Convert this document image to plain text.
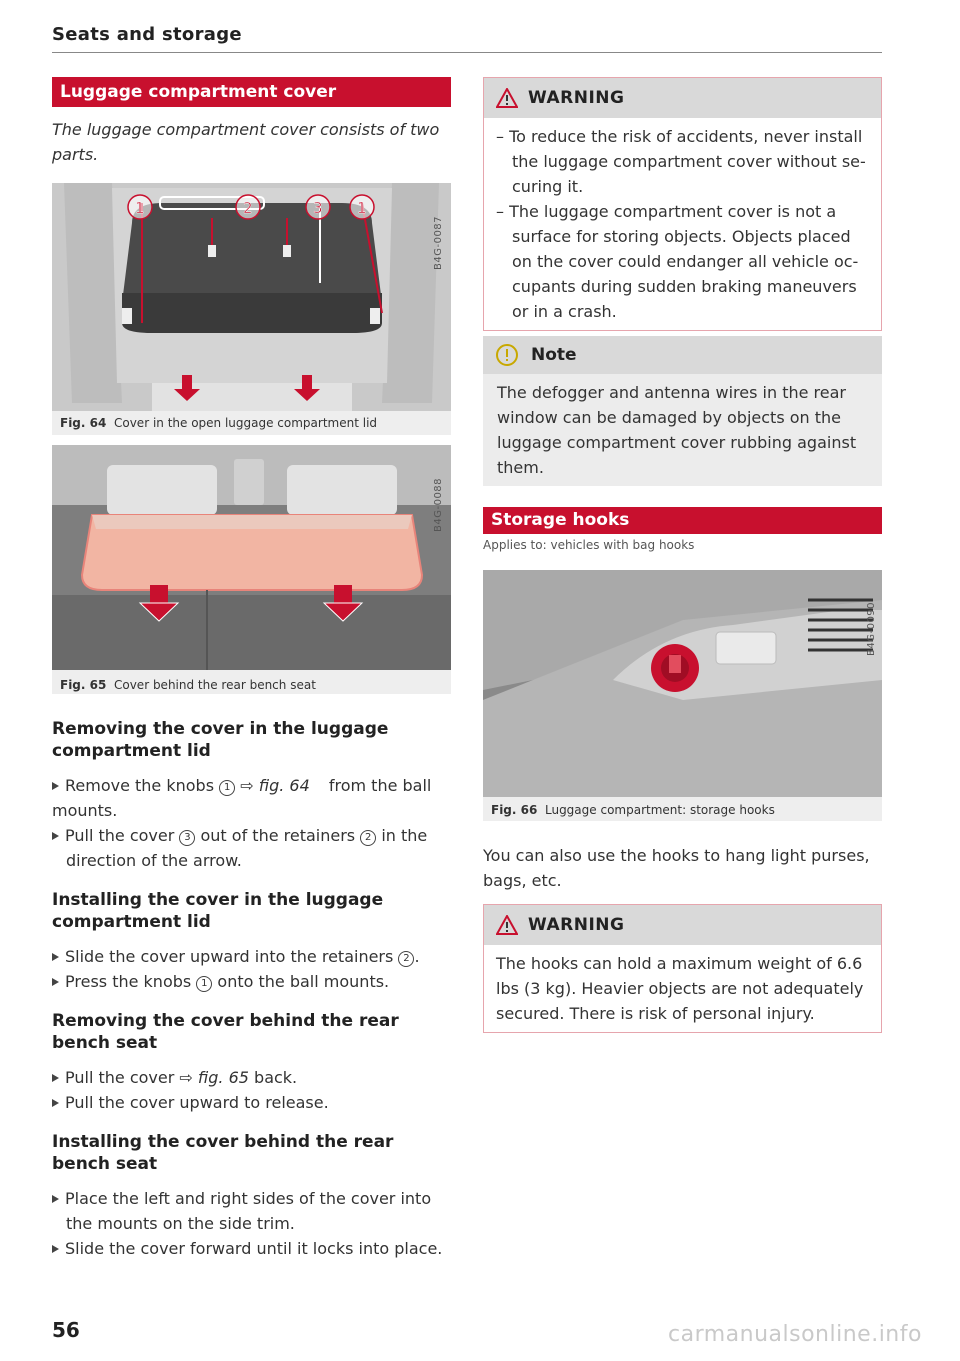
Seats and storage
Luggage compartment cover
The luggage compartment cover consists of two parts.
1	2	3 1
B4G-0087
Fig. 64 Cover in the open luggage compartment lid
B4G-0088
Fig. 65 Cover behind the rear bench seat
Removing the cover in the luggage compartment lid
Remove the knobs 1 ⇨ fig. 64 from the ball mounts.
Pull the cover 3 out of the retainers 2 in the direction of the arrow.
Installing the cover in the luggage compartment lid
Slide the cover upward into the retainers 2 .
Press the knobs 1 onto the ball mounts.
Removing the cover behind the rear bench seat
Pull the cover ⇨ fig. 65 back.
Pull the cover upward to release.
Installing the cover behind the rear bench seat
Place the left and right sides of the cover into the mounts on the side trim.
Slide the cover forward until it locks into place.
56
WARNING
– To reduce the risk of accidents, never install the luggage compartment cover without se-curing it.
– The luggage compartment cover is not a surface for storing objects. Objects placed on the cover could endanger all vehicle oc-cupants during sudden braking maneuvers or in a crash.
Note
The defogger and antenna wires in the rear window can be damaged by objects on the luggage compartment cover rubbing against them.
Storage hooks
Applies to: vehicles with bag hooks
B4G-0090
Fig. 66 Luggage compartment: storage hooks
You can also use the hooks to hang light purses, bags, etc.
WARNING
The hooks can hold a maximum weight of 6.6 lbs (3 kg). Heavier objects are not adequately secured. There is risk of personal injury.
carmanualsonline.info
